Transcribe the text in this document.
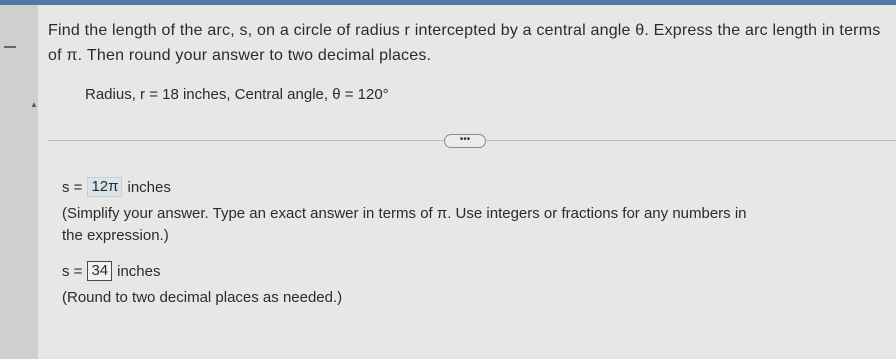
▲
Find the length of the arc, s, on a circle of radius r intercepted by a central angle θ. Express the arc length in terms
of π. Then round your answer to two decimal places.
Radius, r = 18 inches, Central angle, θ = 120°
•••
s = 12π inches
(Simplify your answer. Type an exact answer in terms of π. Use integers or fractions for any numbers in
the expression.)
s = 34 inches
(Round to two decimal places as needed.)
